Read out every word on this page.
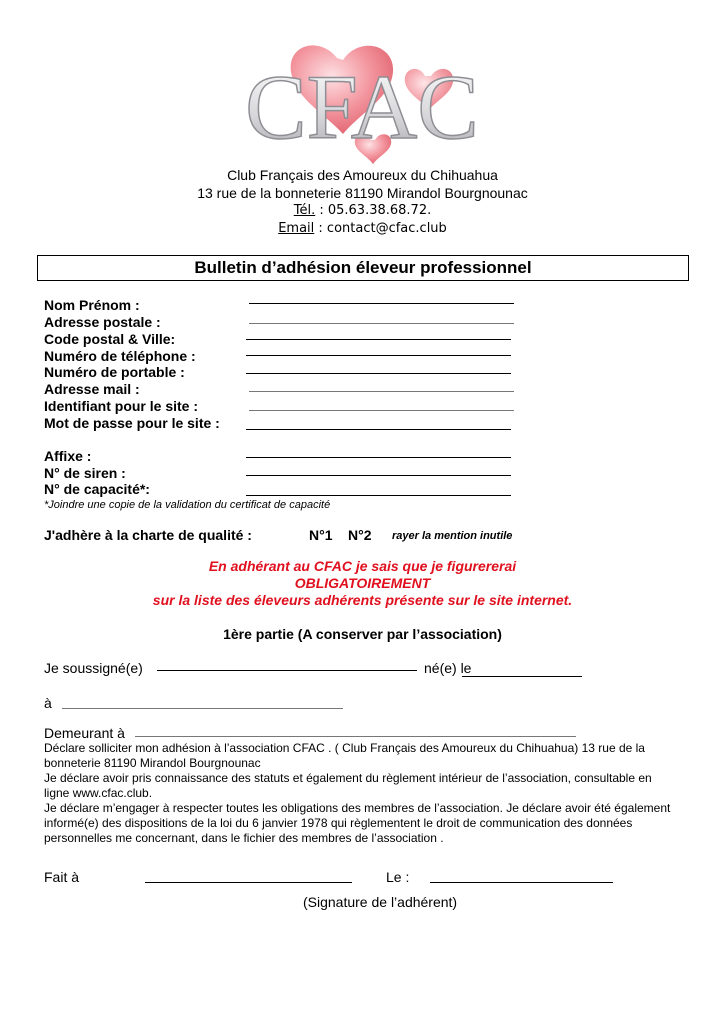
CFAC
Club Français des Amoureux du Chihuahua
13 rue de la bonneterie 81190 Mirandol Bourgnounac
Tél. : 05.63.38.68.72.
Email : contact@cfac.club
Bulletin d’adhésion éleveur professionnel
Nom Prénom :
Adresse postale :
Code postal & Ville:
Numéro de téléphone :
Numéro de portable :
Adresse mail :
Identifiant pour le site :
Mot de passe pour le site :
Affixe :
N° de siren :
N° de capacité*:
*Joindre une copie de la validation du certificat de capacité
J'adhère à la charte de qualité :	N°1 N°2 rayer la mention inutile
En adhérant au CFAC je sais que je figurererai
OBLIGATOIREMENT
sur la liste des éleveurs adhérents présente sur le site internet.
1ère partie (A conserver par l’association)
Je soussigné(e)	né(e) le
à
Demeurant à
Déclare solliciter mon adhésion à l’association CFAC . ( Club Français des Amoureux du Chihuahua) 13 rue de la
bonneterie 81190 Mirandol Bourgnounac
Je déclare avoir pris connaissance des statuts et également du règlement intérieur de l’association, consultable en
ligne www.cfac.club.
Je déclare m’engager à respecter toutes les obligations des membres de l’association. Je déclare avoir été également
informé(e) des dispositions de la loi du 6 janvier 1978 qui règlementent le droit de communication des données
personnelles me concernant, dans le fichier des membres de l’association .
Fait à	Le :
(Signature de l’adhérent)
